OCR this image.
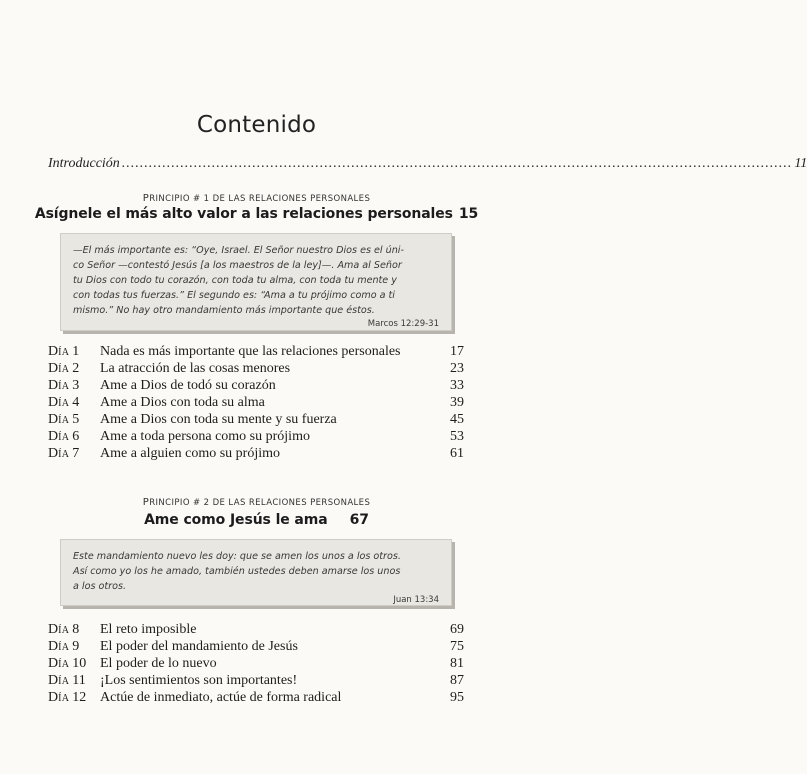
Contenido
Introducción ..................................................................................................................................................... 11
PRINCIPIO # 1 DE LAS RELACIONES PERSONALES
Asígnele el más alto valor a las relaciones personales 15
—El más importante es: “Oye, Israel. El Señor nuestro Dios es el úni-
co Señor —contestó Jesús [a los maestros de la ley]—. Ama al Señor
tu Dios con todo tu corazón, con toda tu alma, con toda tu mente y
con todas tus fuerzas.” El segundo es: “Ama a tu prójimo como a ti
mismo.” No hay otro mandamiento más importante que éstos.
Marcos 12:29-31
DÍA 1	Nada es más importante que las relaciones personales	17
DÍA 2	La atracción de las cosas menores	23
DÍA 3	Ame a Dios de todó su corazón	33
DÍA 4	Ame a Dios con toda su alma	39
DÍA 5	Ame a Dios con toda su mente y su fuerza	45
DÍA 6	Ame a toda persona como su prójimo	53
DÍA 7	Ame a alguien como su prójimo	61
PRINCIPIO # 2 DE LAS RELACIONES PERSONALES
Ame como Jesús le ama 67
Este mandamiento nuevo les doy: que se amen los unos a los otros.
Así como yo los he amado, también ustedes deben amarse los unos
a los otros.
Juan 13:34
DÍA 8	El reto imposible	69
DÍA 9	El poder del mandamiento de Jesús	75
DÍA 10 El poder de lo nuevo	81
DÍA 11	¡Los sentimientos son importantes!	87
DÍA 12 Actúe de inmediato, actúe de forma radical	95
